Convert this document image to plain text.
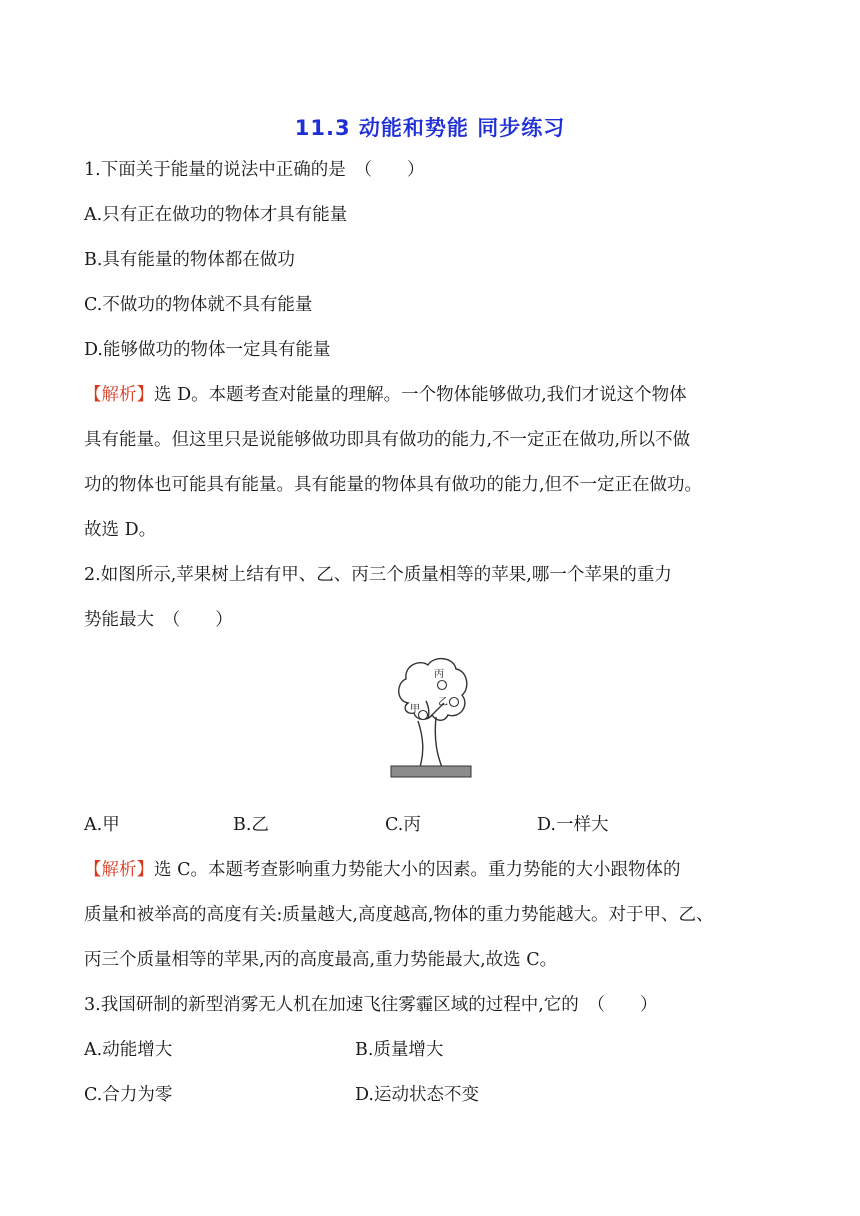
11.3 动能和势能 同步练习
1.下面关于能量的说法中正确的是　（　　）
A.只有正在做功的物体才具有能量
B.具有能量的物体都在做功
C.不做功的物体就不具有能量
D.能够做功的物体一定具有能量
【解析】选 D。本题考查对能量的理解。一个物体能够做功,我们才说这个物体
具有能量。但这里只是说能够做功即具有做功的能力,不一定正在做功,所以不做
功的物体也可能具有能量。具有能量的物体具有做功的能力,但不一定正在做功。
故选 D。
2.如图所示,苹果树上结有甲、乙、丙三个质量相等的苹果,哪一个苹果的重力
势能最大　（　　）
丙
乙
甲
A.甲	B.乙	C.丙	D.一样大
【解析】选 C。本题考查影响重力势能大小的因素。重力势能的大小跟物体的
质量和被举高的高度有关:质量越大,高度越高,物体的重力势能越大。对于甲、乙、
丙三个质量相等的苹果,丙的高度最高,重力势能最大,故选 C。
3.我国研制的新型消雾无人机在加速飞往雾霾区域的过程中,它的　（　　）
A.动能增大	B.质量增大
C.合力为零	D.运动状态不变
